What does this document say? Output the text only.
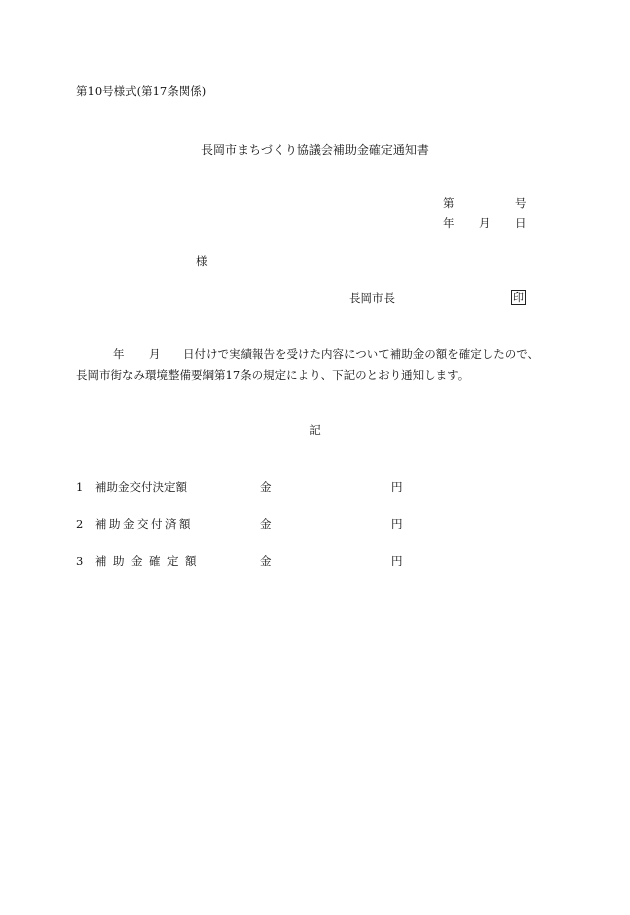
第10号様式(第17条関係)
長岡市まちづくり協議会補助金確定通知書
第	号
年 月 日
様
長岡市長	印
年 月 日付けで実績報告を受けた内容について補助金の額を確定したので、
長岡市街なみ環境整備要綱第17条の規定により、下記のとおり通知します。
記
1 補助金交付決定額	金	円
2 補助金交付済額	金	円
3 補助金確定額	金	円
